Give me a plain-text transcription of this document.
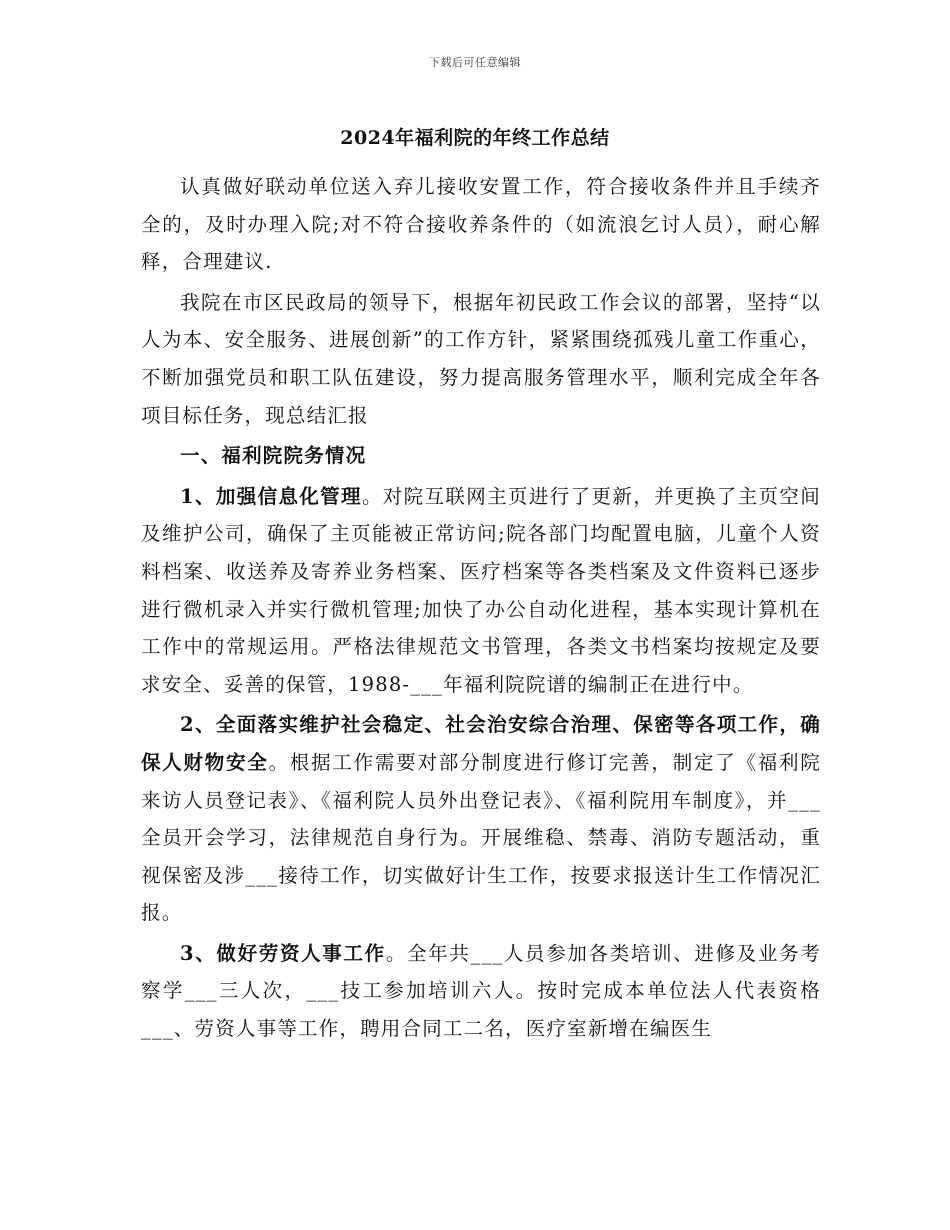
下载后可任意编辑
2024年福利院的年终工作总结

认真做好联动单位送入弃儿接收安置工作，符合接收条件并且手续齐全的，及时办理入院;对不符合接收养条件的（如流浪乞讨人员），耐心解释，合理建议.

我院在市区民政局的领导下，根据年初民政工作会议的部署，坚持“以人为本、安全服务、进展创新”的工作方针，紧紧围绕孤残儿童工作重心，不断加强党员和职工队伍建设，努力提高服务管理水平，顺利完成全年各项目标任务，现总结汇报

一、福利院院务情况

1、加强信息化管理。对院互联网主页进行了更新，并更换了主页空间及维护公司，确保了主页能被正常访问;院各部门均配置电脑，儿童个人资料档案、收送养及寄养业务档案、医疗档案等各类档案及文件资料已逐步进行微机录入并实行微机管理;加快了办公自动化进程，基本实现计算机在工作中的常规运用。严格法律规范文书管理，各类文书档案均按规定及要求安全、妥善的保管，1988-___年福利院院谱的编制正在进行中。

2、全面落实维护社会稳定、社会治安综合治理、保密等各项工作，确保人财物安全。根据工作需要对部分制度进行修订完善，制定了《福利院来访人员登记表》、《福利院人员外出登记表》、《福利院用车制度》，并___全员开会学习，法律规范自身行为。开展维稳、禁毒、消防专题活动，重视保密及涉___接待工作，切实做好计生工作，按要求报送计生工作情况汇报。

3、做好劳资人事工作。全年共___人员参加各类培训、进修及业务考察学___三人次，___技工参加培训六人。按时完成本单位法人代表资格___、劳资人事等工作，聘用合同工二名，医疗室新增在编医生
